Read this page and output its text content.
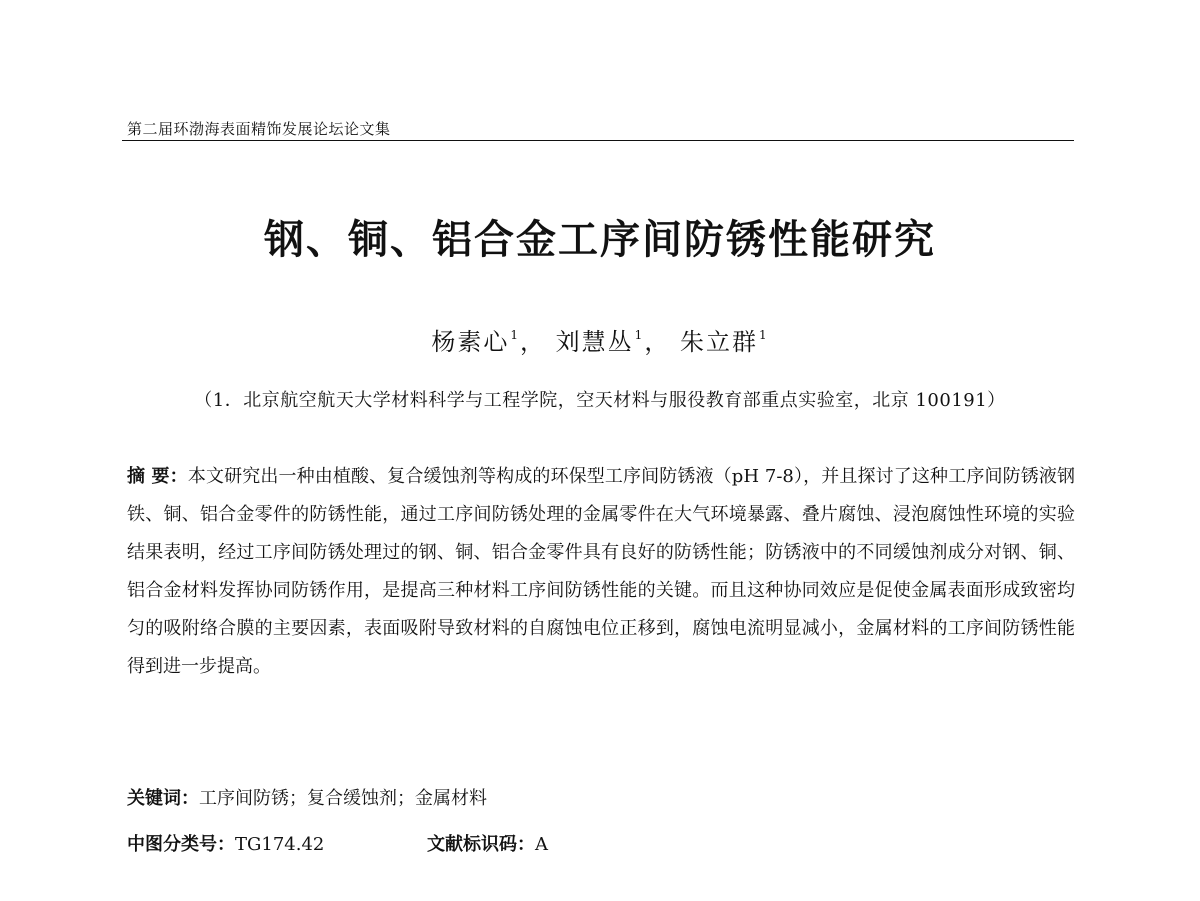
第二届环渤海表面精饰发展论坛论文集
钢、铜、铝合金工序间防锈性能研究
杨素心$^1$， 刘慧丛$^1$， 朱立群$^1$
（1．北京航空航天大学材料科学与工程学院，空天材料与服役教育部重点实验室，北京 100191）
摘 要：本文研究出一种由植酸、复合缓蚀剂等构成的环保型工序间防锈液（pH 7-8），并且探讨了这种工序间防锈液钢铁、铜、铝合金零件的防锈性能，通过工序间防锈处理的金属零件在大气环境暴露、叠片腐蚀、浸泡腐蚀性环境的实验结果表明，经过工序间防锈处理过的钢、铜、铝合金零件具有良好的防锈性能；防锈液中的不同缓蚀剂成分对钢、铜、铝合金材料发挥协同防锈作用，是提高三种材料工序间防锈性能的关键。而且这种协同效应是促使金属表面形成致密均匀的吸附络合膜的主要因素，表面吸附导致材料的自腐蚀电位正移到，腐蚀电流明显减小，金属材料的工序间防锈性能得到进一步提高。
关键词：工序间防锈；复合缓蚀剂；金属材料
中图分类号：TG174.42	文献标识码：A
